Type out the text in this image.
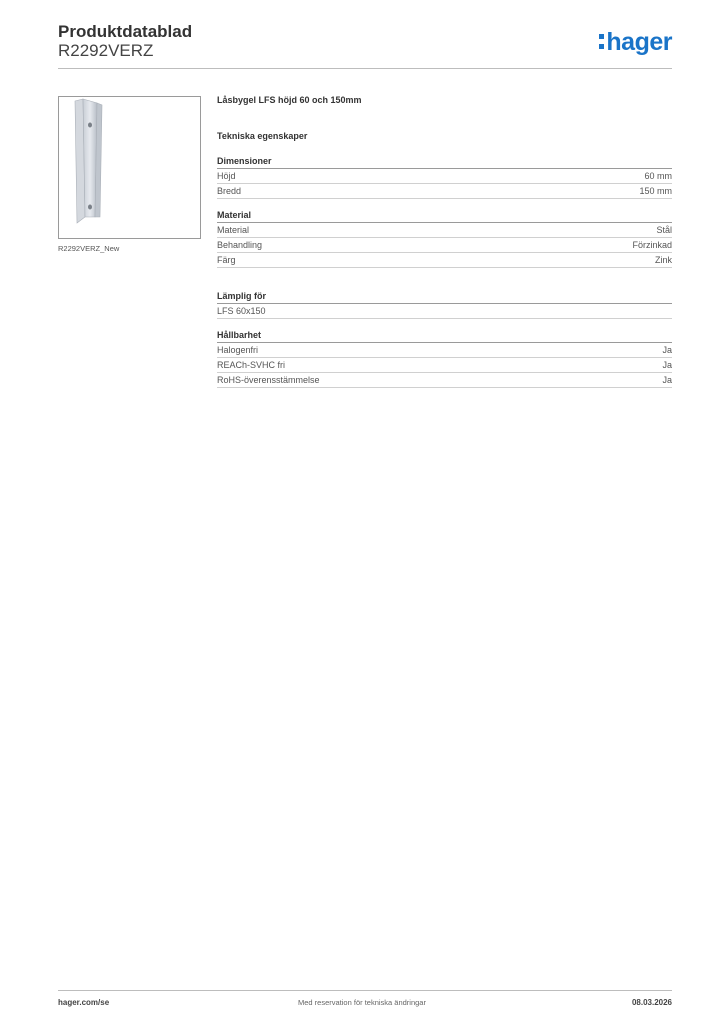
Produktdatablad
R2292VERZ	hager
R2292VERZ_New
Låsbygel LFS höjd 60 och 150mm
Tekniska egenskaper
Dimensioner
Höjd	60 mm
Bredd	150 mm
Material
Material	Stål
Behandling	Förzinkad
Färg	Zink
Lämplig för
LFS 60x150
Hållbarhet
Halogenfri	Ja
REACh-SVHC fri	Ja
RoHS-överensstämmelse	Ja
hager.com/se	Med reservation för tekniska ändringar	08.03.2026
